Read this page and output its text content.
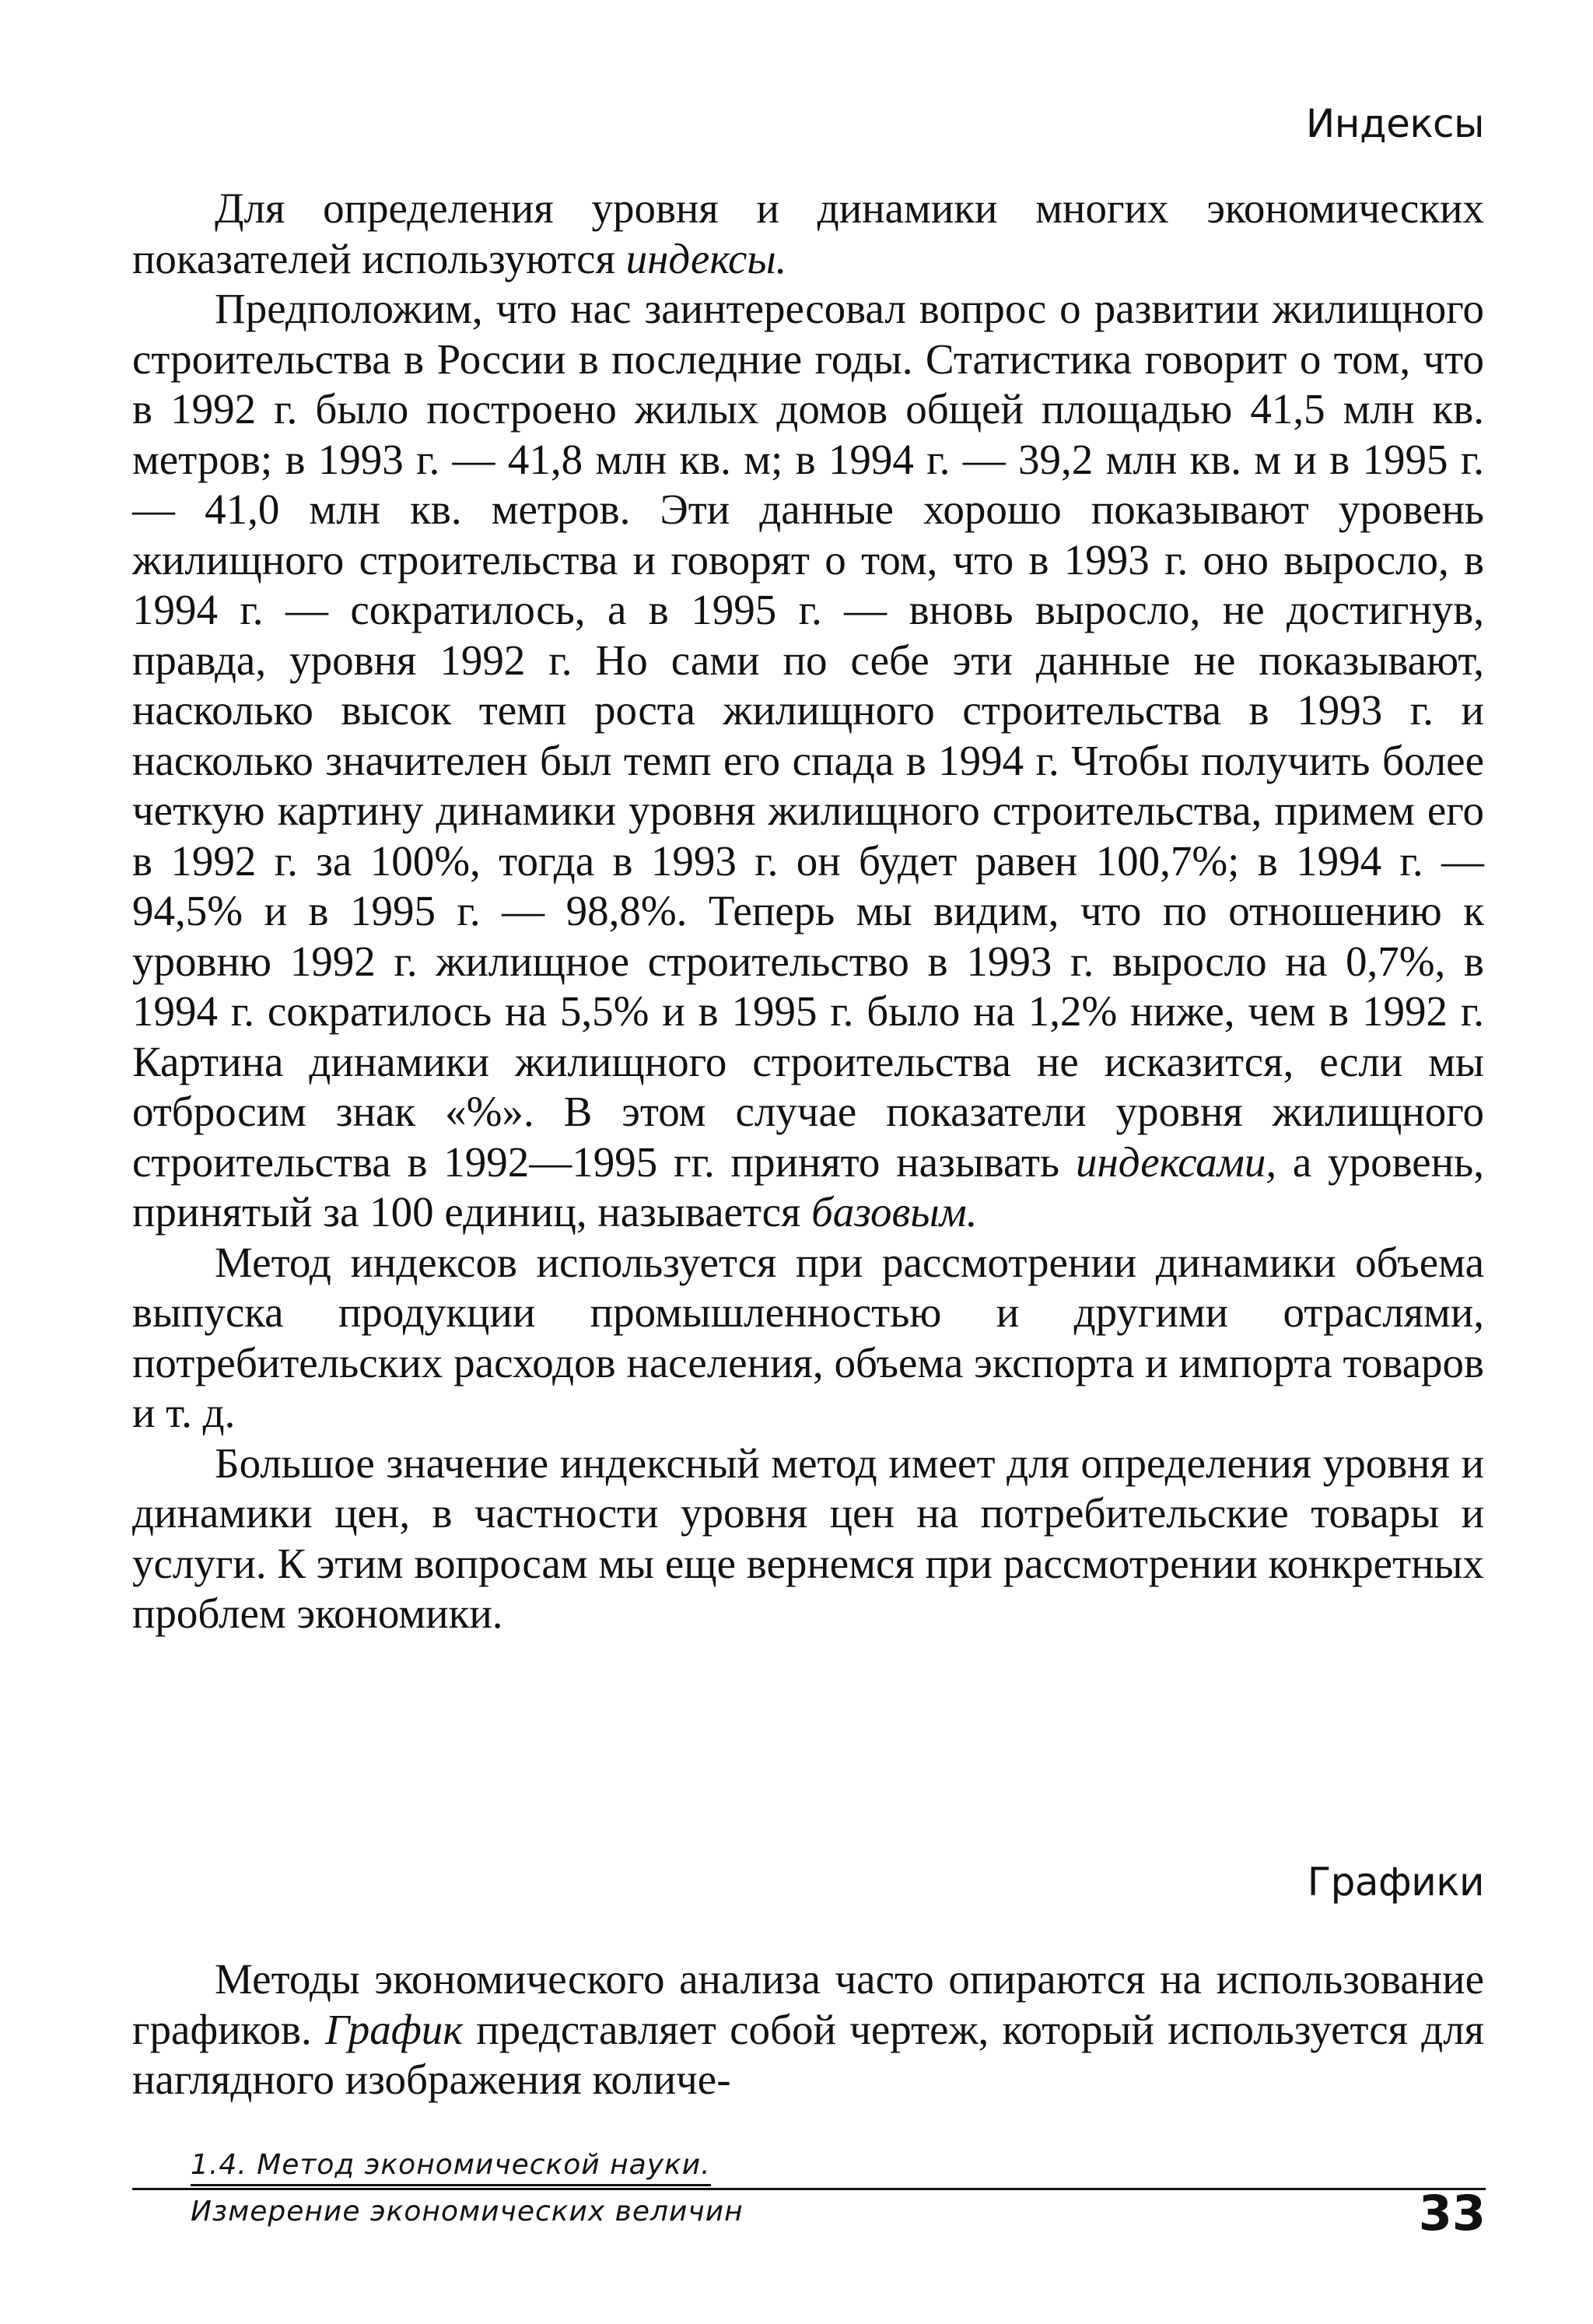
Индексы

Для определения уровня и динамики многих экономических показателей используются индексы.

Предположим, что нас заинтересовал вопрос о развитии жилищного строительства в России в последние годы. Статистика говорит о том, что в 1992 г. было построено жилых домов общей площадью 41,5 млн кв. метров; в 1993 г. — 41,8 млн кв. м; в 1994 г. — 39,2 млн кв. м и в 1995 г. — 41,0 млн кв. метров. Эти данные хорошо показывают уровень жилищного строительства и говорят о том, что в 1993 г. оно выросло, в 1994 г. — сократилось, а в 1995 г. — вновь выросло, не достигнув, правда, уровня 1992 г. Но сами по себе эти данные не показывают, насколько высок темп роста жилищного строительства в 1993 г. и насколько значителен был темп его спада в 1994 г. Чтобы получить более четкую картину динамики уровня жилищного строительства, примем его в 1992 г. за 100%, тогда в 1993 г. он будет равен 100,7%; в 1994 г. — 94,5% и в 1995 г. — 98,8%. Теперь мы видим, что по отношению к уровню 1992 г. жилищное строительство в 1993 г. выросло на 0,7%, в 1994 г. сократилось на 5,5% и в 1995 г. было на 1,2% ниже, чем в 1992 г. Картина динамики жилищного строительства не исказится, если мы отбросим знак «%». В этом случае показатели уровня жилищного строительства в 1992—1995 гг. принято называть индексами, а уровень, принятый за 100 единиц, называется базовым.

Метод индексов используется при рассмотрении динамики объема выпуска продукции промышленностью и другими отраслями, потребительских расходов населения, объема экспорта и импорта товаров и т. д.

Большое значение индексный метод имеет для определения уровня и динамики цен, в частности уровня цен на потребительские товары и услуги. К этим вопросам мы еще вернемся при рассмотрении конкретных проблем экономики.

Графики

Методы экономического анализа часто опираются на использование графиков. График представляет собой чертеж, который используется для наглядного изображения количе-

1.4. Метод экономической науки.
Измерение экономических величин	33
